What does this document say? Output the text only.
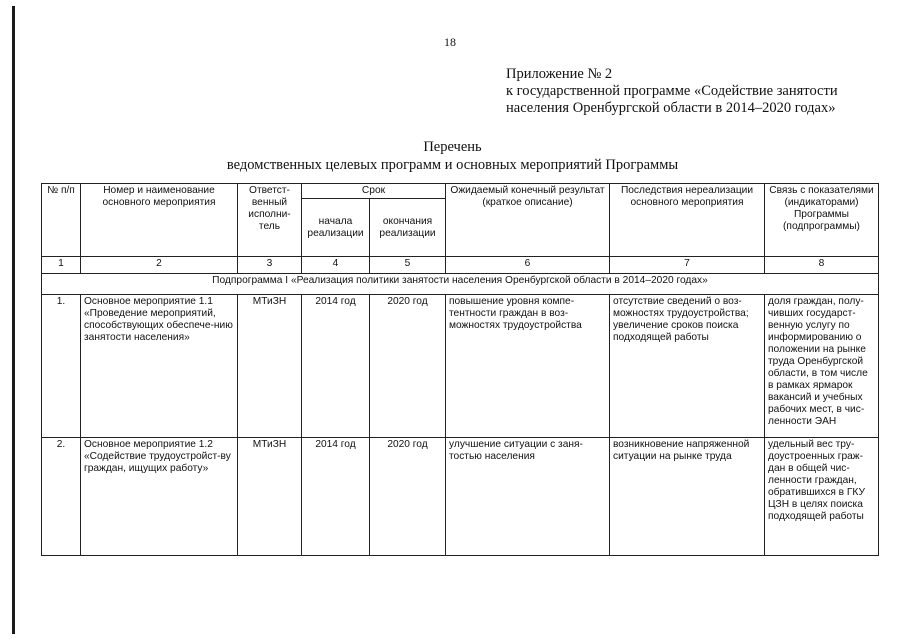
18
Приложение № 2
к государственной программе «Содействие занятости
населения Оренбургской области в 2014–2020 годах»
Перечень
ведомственных целевых программ и основных мероприятий Программы
№ п/п	Номер и наименование основного мероприятия	Ответст-венный исполни-тель	Срок		Ожидаемый конечный результат (краткое описание)	Последствия нереализации основного мероприятия	Связь с показателями (индикаторами) Программы (подпрограммы)
			начала реализации	окончания реализации			
1	2	3	4	5	6	7	8
Подпрограмма I «Реализация политики занятости населения Оренбургской области в 2014–2020 годах»							
1.	Основное мероприятие 1.1 «Проведение мероприятий, способствующих обеспече-нию занятости населения»	МТиЗН	2014 год	2020 год	повышение уровня компе-тентности граждан в воз-можностях трудоустройства	отсутствие сведений о воз-можностях трудоустройства; увеличение сроков поиска подходящей работы	доля граждан, полу-чивших государст-венную услугу по информированию о положении на рынке труда Оренбургской области, в том числе в рамках ярмарок вакансий и учебных рабочих мест, в чис-ленности ЭАН
2.	Основное мероприятие 1.2 «Содействие трудоустройст-ву граждан, ищущих работу»	МТиЗН	2014 год	2020 год	улучшение ситуации с заня-тостью населения	возникновение напряженной ситуации на рынке труда	удельный вес тру-доустроенных граж-дан в общей чис-ленности граждан, обратившихся в ГКУ ЦЗН в целях поиска подходящей работы
